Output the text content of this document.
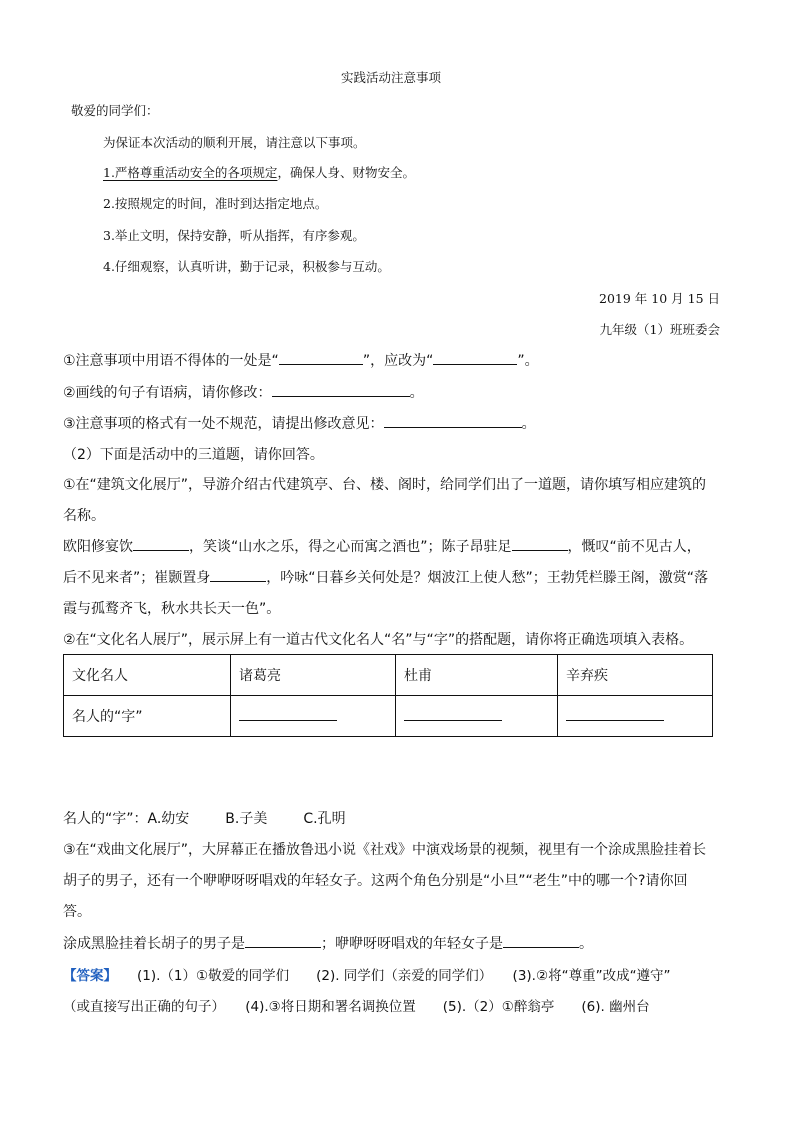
实践活动注意事项
敬爱的同学们：
为保证本次活动的顺利开展，请注意以下事项。
1.严格尊重活动安全的各项规定，确保人身、财物安全。
2.按照规定的时间，准时到达指定地点。
3.举止文明，保持安静，听从指挥，有序参观。
4.仔细观察，认真听讲，勤于记录，积极参与互动。
2019 年 10 月 15 日
九年级（1）班班委会
①注意事项中用语不得体的一处是“	”，应改为“	”。
②画线的句子有语病，请你修改：	。
③注意事项的格式有一处不规范，请提出修改意见：	。
（2）下面是活动中的三道题，请你回答。
①在“建筑文化展厅”，导游介绍古代建筑亭、台、楼、阁时，给同学们出了一道题，请你填写相应建筑的
名称。
欧阳修宴饮	，笑谈“山水之乐，得之心而寓之酒也”；陈子昂驻足	，慨叹“前不见古人，
后不见来者”；崔颢置身	，吟咏“日暮乡关何处是？烟波江上使人愁”；王勃凭栏滕王阁，激赏“落
霞与孤鹜齐飞，秋水共长天一色”。
②在“文化名人展厅”，展示屏上有一道古代文化名人“名”与“字”的搭配题，请你将正确选项填入表格。
文化名人	诸葛亮	杜甫	辛弃疾
名人的“字”			
名人的“字”：A.幼安	B.子美	C.孔明
③在“戏曲文化展厅”，大屏幕正在播放鲁迅小说《社戏》中演戏场景的视频，视里有一个涂成黑脸挂着长
胡子的男子，还有一个咿咿呀呀唱戏的年轻女子。这两个角色分别是“小旦”“老生”中的哪一个?请你回
答。
涂成黑脸挂着长胡子的男子是	；咿咿呀呀唱戏的年轻女子是	。
【答案】 (1).（1）①敬爱的同学们　　(2). 同学们（亲爱的同学们）　　(3).②将“尊重”改成“遵守”
（或直接写出正确的句子）　　(4).③将日期和署名调换位置　　(5).（2）①醉翁亭　　(6). 幽州台
